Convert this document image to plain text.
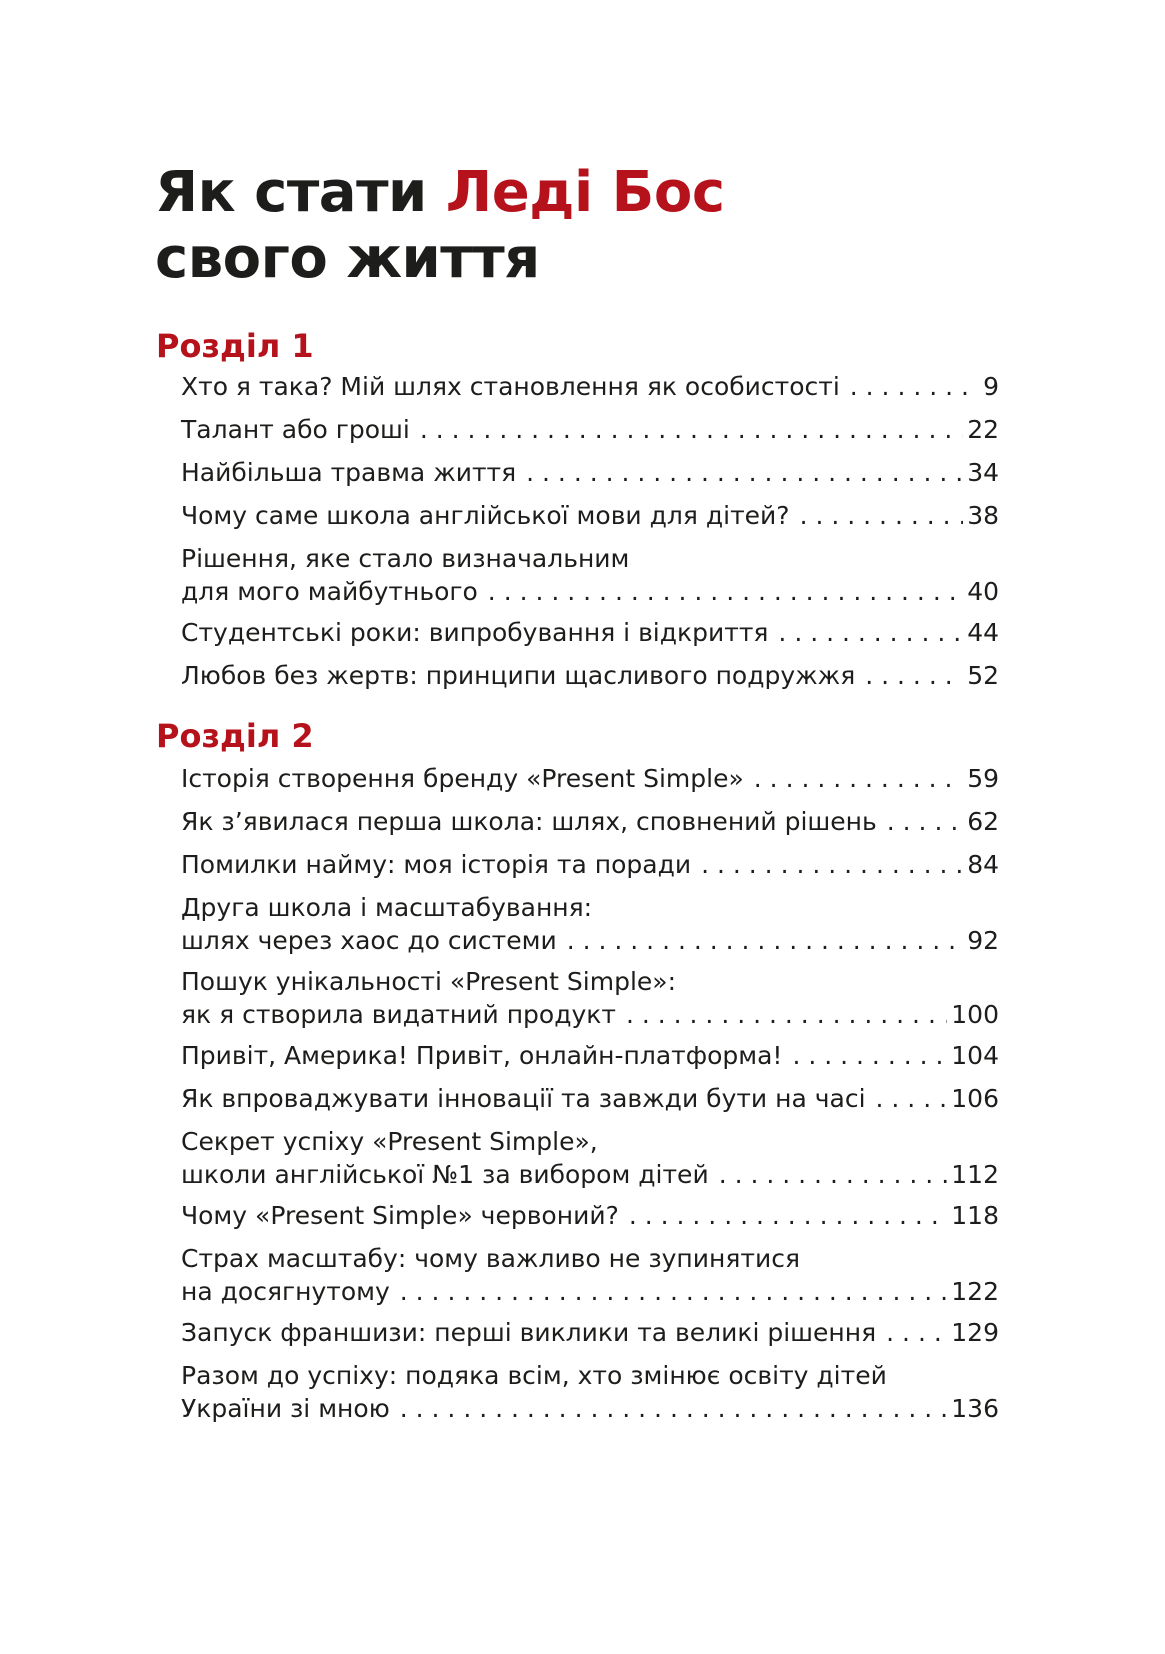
Як стати Леді Бос
свого життя
Розділ 1
Хто я така? Мій шлях становлення як особистості . . .	9
Талант або гроші . . .	22
Найбільша травма життя . . .	34
Чому саме школа англійської мови для дітей? . . .	38
Рішення, яке стало визначальним
для мого майбутнього . . .	40
Студентські роки: випробування і відкриття . . .	44
Любов без жертв: принципи щасливого подружжя . . .	52
Розділ 2
Історія створення бренду «Present Simple» . . .	59
Як з’явилася перша школа: шлях, сповнений рішень . . .	62
Помилки найму: моя історія та поради . . .	84
Друга школа і масштабування:
шлях через хаос до системи . . .	92
Пошук унікальності «Present Simple»:
як я створила видатний продукт . . .	100
Привіт, Америка! Привіт, онлайн-платформа! . . .	104
Як впроваджувати інновації та завжди бути на часі . . .	106
Секрет успіху «Present Simple»,
школи англійської №1 за вибором дітей . . .	112
Чому «Present Simple» червоний? . . .	118
Страх масштабу: чому важливо не зупинятися
на досягнутому . . .	122
Запуск франшизи: перші виклики та великі рішення . . .	129
Разом до успіху: подяка всім, хто змінює освіту дітей
України зі мною . . .	136
